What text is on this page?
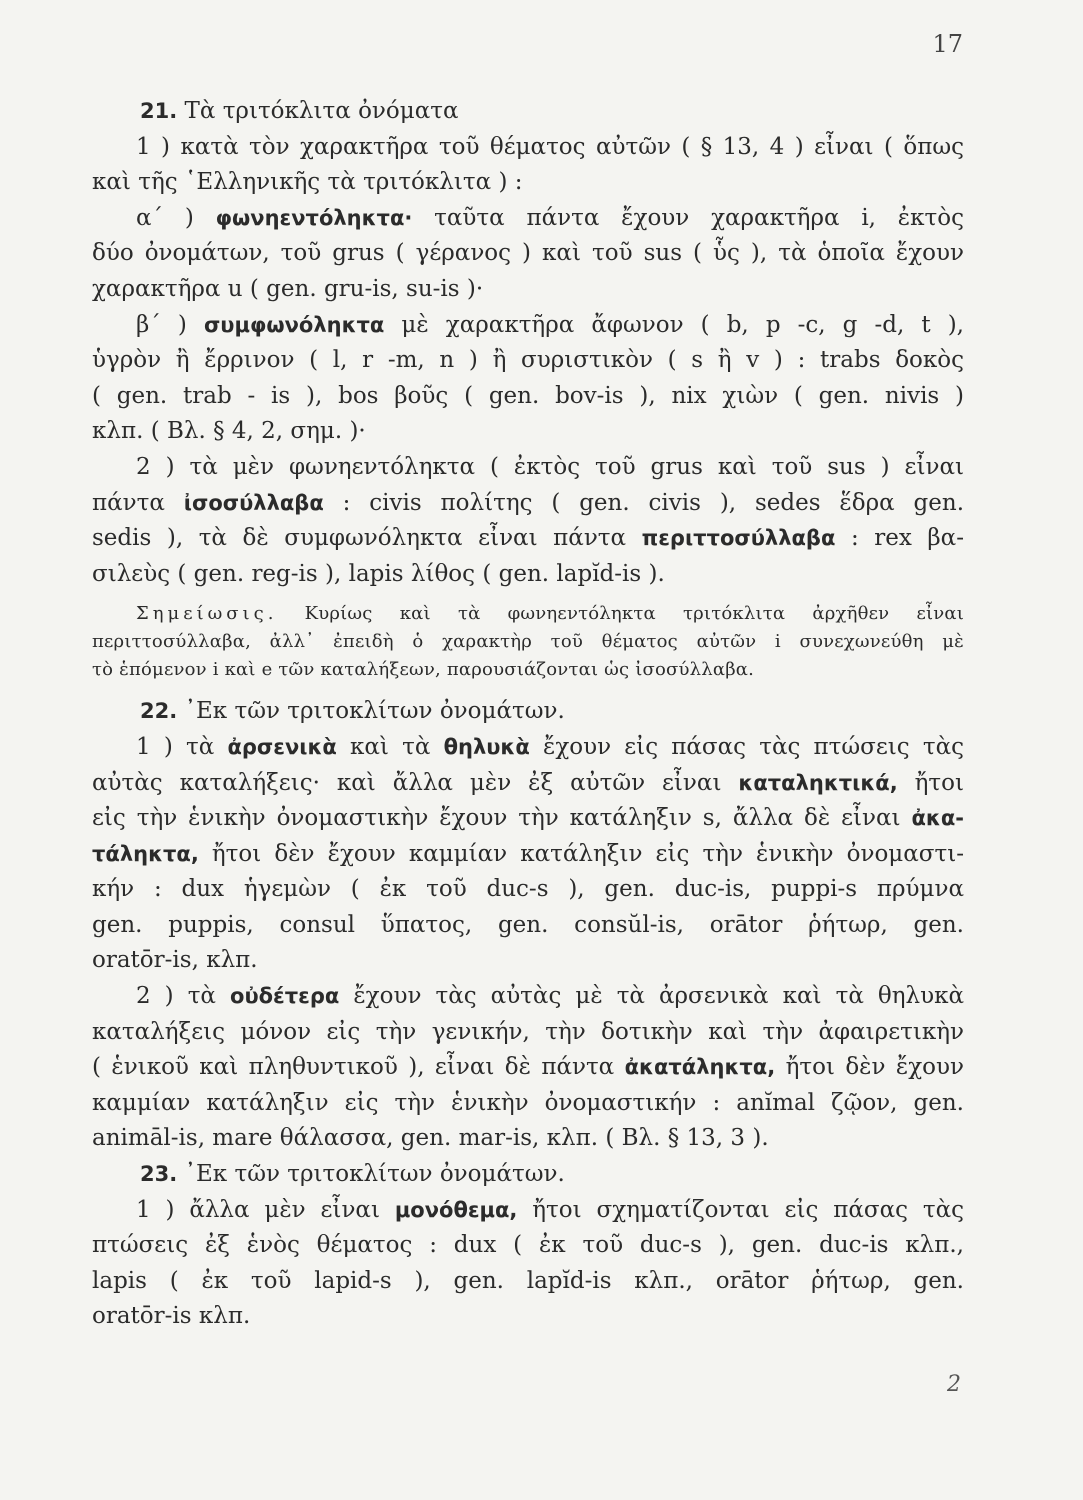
17
21. Τὰ τριτόκλιτα ὀνόματα
1 ) κατὰ τὸν χαρακτῆρα τοῦ θέματος αὐτῶν ( § 13, 4 ) εἶναι ( ὅπως
καὶ τῆς ῾Ελληνικῆς τὰ τριτόκλιτα ) :
α΄ ) φωνηεντόληκτα· ταῦτα πάντα ἔχουν χαρακτῆρα i, ἐκτὸς
δύο ὀνομάτων, τοῦ grus ( γέρανος ) καὶ τοῦ sus ( ὗς ), τὰ ὁποῖα ἔχουν
χαρακτῆρα u ( gen. gru-is, su-is )·
β΄ ) συμφωνόληκτα μὲ χαρακτῆρα ἄφωνον ( b, p -c, g -d, t ),
ὑγρὸν ἢ ἔρρινον ( l, r -m, n ) ἢ συριστικὸν ( s ἢ v ) : trabs δοκὸς
( gen. trab - is ), bos βοῦς ( gen. bov-is ), nix χιὼν ( gen. nivis )
κλπ. ( Βλ. § 4, 2, σημ. )·
2 ) τὰ μὲν φωνηεντόληκτα ( ἐκτὸς τοῦ grus καὶ τοῦ sus ) εἶναι
πάντα ἰσοσύλλαβα : civis πολίτης ( gen. civis ), sedes ἕδρα gen.
sedis ), τὰ δὲ συμφωνόληκτα εἶναι πάντα περιττοσύλλαβα : rex βα-
σιλεὺς ( gen. reg-is ), lapis λίθος ( gen. lapĭd-is ).
Σημείωσις. Κυρίως καὶ τὰ φωνηεντόληκτα τριτόκλιτα ἀρχῆθεν εἶναι
περιττοσύλλαβα, ἀλλ᾽ ἐπειδὴ ὁ χαρακτὴρ τοῦ θέματος αὐτῶν i συνεχωνεύθη μὲ
τὸ ἑπόμενον i καὶ e τῶν καταλήξεων, παρουσιάζονται ὡς ἰσοσύλλαβα.
22. ᾽Εκ τῶν τριτοκλίτων ὀνομάτων.
1 ) τὰ ἀρσενικὰ καὶ τὰ θηλυκὰ ἔχουν εἰς πάσας τὰς πτώσεις τὰς
αὐτὰς καταλήξεις· καὶ ἄλλα μὲν ἐξ αὐτῶν εἶναι καταληκτικά, ἤτοι
εἰς τὴν ἑνικὴν ὀνομαστικὴν ἔχουν τὴν κατάληξιν s, ἄλλα δὲ εἶναι ἀκα-
τάληκτα, ἤτοι δὲν ἔχουν καμμίαν κατάληξιν εἰς τὴν ἑνικὴν ὀνομαστι-
κήν : dux ἡγεμὼν ( ἐκ τοῦ duc-s ), gen. duc-is, puppi-s πρύμνα
gen. puppis, consul ὕπατος, gen. consŭl-is, orātor ῥήτωρ, gen.
oratōr-is, κλπ.
2 ) τὰ οὐδέτερα ἔχουν τὰς αὐτὰς μὲ τὰ ἀρσενικὰ καὶ τὰ θηλυκὰ
καταλήξεις μόνον εἰς τὴν γενικήν, τὴν δοτικὴν καὶ τὴν ἀφαιρετικὴν
( ἑνικοῦ καὶ πληθυντικοῦ ), εἶναι δὲ πάντα ἀκατάληκτα, ἤτοι δὲν ἔχουν
καμμίαν κατάληξιν εἰς τὴν ἑνικὴν ὀνομαστικήν : anĭmal ζῷον, gen.
animāl-is, mare θάλασσα, gen. mar-is, κλπ. ( Βλ. § 13, 3 ).
23. ᾽Εκ τῶν τριτοκλίτων ὀνομάτων.
1 ) ἄλλα μὲν εἶναι μονόθεμα, ἤτοι σχηματίζονται εἰς πάσας τὰς
πτώσεις ἐξ ἑνὸς θέματος : dux ( ἐκ τοῦ duc-s ), gen. duc-is κλπ.,
lapis ( ἐκ τοῦ lapid-s ), gen. lapĭd-is κλπ., orātor ῥήτωρ, gen.
oratōr-is κλπ.
2
